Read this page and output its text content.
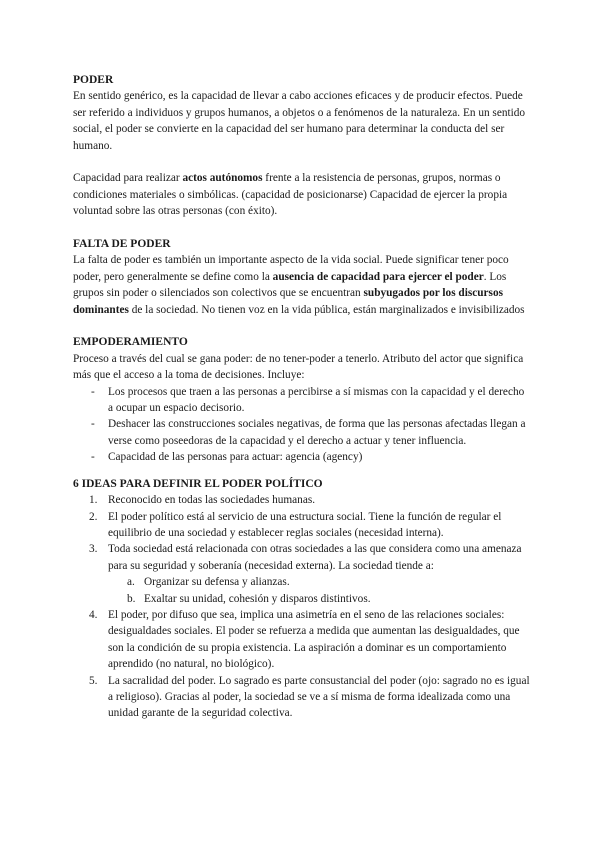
PODER

En sentido genérico, es la capacidad de llevar a cabo acciones eficaces y de producir efectos. Puede ser referido a individuos y grupos humanos, a objetos o a fenómenos de la naturaleza. En un sentido social, el poder se convierte en la capacidad del ser humano para determinar la conducta del ser humano.

Capacidad para realizar actos autónomos frente a la resistencia de personas, grupos, normas o condiciones materiales o simbólicas. (capacidad de posicionarse) Capacidad de ejercer la propia voluntad sobre las otras personas (con éxito).

FALTA DE PODER

La falta de poder es también un importante aspecto de la vida social. Puede significar tener poco poder, pero generalmente se define como la ausencia de capacidad para ejercer el poder. Los grupos sin poder o silenciados son colectivos que se encuentran subyugados por los discursos dominantes de la sociedad. No tienen voz en la vida pública, están marginalizados e invisibilizados

EMPODERAMIENTO

Proceso a través del cual se gana poder: de no tener-poder a tenerlo. Atributo del actor que significa más que el acceso a la toma de decisiones. Incluye:

- Los procesos que traen a las personas a percibirse a sí mismas con la capacidad y el derecho a ocupar un espacio decisorio.
- Deshacer las construcciones sociales negativas, de forma que las personas afectadas llegan a verse como poseedoras de la capacidad y el derecho a actuar y tener influencia.
- Capacidad de las personas para actuar: agencia (agency)
6 IDEAS PARA DEFINIR EL PODER POLÍTICO
1. Reconocido en todas las sociedades humanas.
2. El poder político está al servicio de una estructura social. Tiene la función de regular el equilibrio de una sociedad y establecer reglas sociales (necesidad interna).
3. Toda sociedad está relacionada con otras sociedades a las que considera como una amenaza para su seguridad y soberanía (necesidad externa). La sociedad tiende a:
a. Organizar su defensa y alianzas.
b. Exaltar su unidad, cohesión y disparos distintivos.
4. El poder, por difuso que sea, implica una asimetría en el seno de las relaciones sociales: desigualdades sociales. El poder se refuerza a medida que aumentan las desigualdades, que son la condición de su propia existencia. La aspiración a dominar es un comportamiento aprendido (no natural, no biológico).
5. La sacralidad del poder. Lo sagrado es parte consustancial del poder (ojo: sagrado no es igual a religioso). Gracias al poder, la sociedad se ve a sí misma de forma idealizada como una unidad garante de la seguridad colectiva.
